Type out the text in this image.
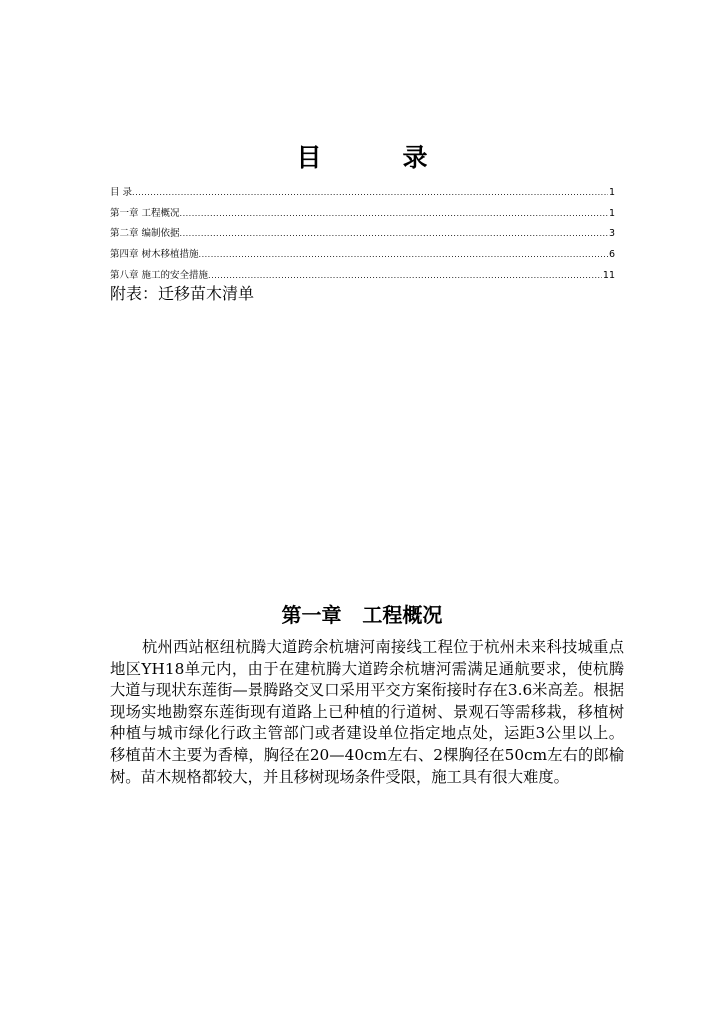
目　录
目 录 .....	1
第一章 工程概况 .....	1
第二章 编制依据 .....	3
第四章 树木移植措施 .....	6
第八章 施工的安全措施 .....	11
附表：迁移苗木清单
第一章   工程概况

杭州西站枢纽杭腾大道跨余杭塘河南接线工程位于杭州未来科技城重点地区YH18单元内，由于在建杭腾大道跨余杭塘河需满足通航要求，使杭腾大道与现状东莲街—景腾路交叉口采用平交方案衔接时存在3.6米高差。根据现场实地勘察东莲街现有道路上已种植的行道树、景观石等需移栽，移植树种植与城市绿化行政主管部门或者建设单位指定地点处，运距3公里以上。移植苗木主要为香樟，胸径在20—40cm左右、2棵胸径在50cm左右的郎榆树。苗木规格都较大，并且移树现场条件受限，施工具有很大难度。
